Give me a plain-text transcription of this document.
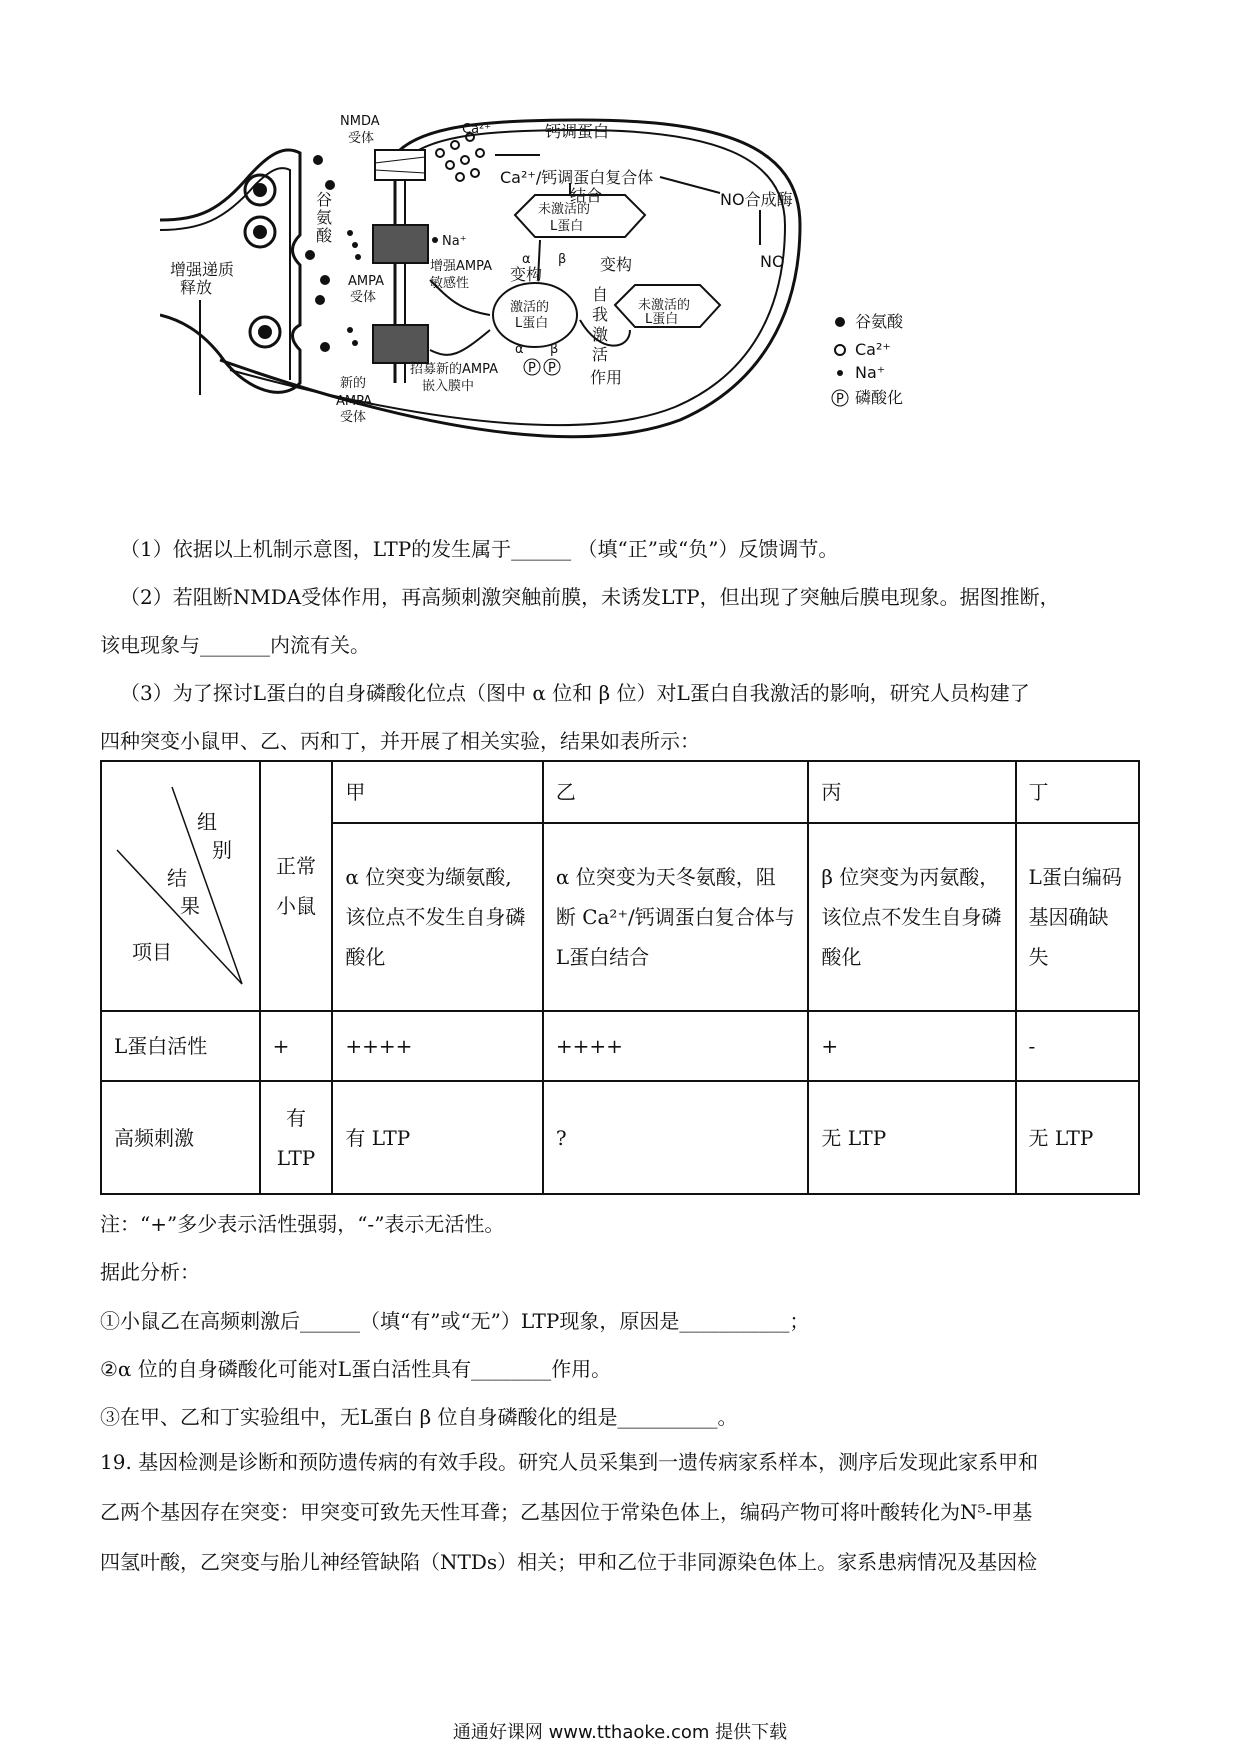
NMDA
受体
谷
氨
酸
Ca²⁺	钙调蛋白
Ca²⁺/钙调蛋白复合体
结合	NO合成酶
未激活的
L蛋白
Na⁺
增强递质
释放
NO
增强AMPA
敏感性	变构
变构
AMPA
受体
激活的
L蛋白
未激活的
L蛋白
自
我
激
活
作用
招募新的AMPA
嵌入膜中
新的
AMPA
受体
α β
α β
P P
谷氨酸
Ca²⁺
Na⁺
P 磷酸化
（1）依据以上机制示意图，LTP的发生属于______ （填“正”或“负”）反馈调节。
（2）若阻断NMDA受体作用，再高频刺激突触前膜，未诱发LTP，但出现了突触后膜电现象。据图推断，
该电现象与_______内流有关。
（3）为了探讨L蛋白的自身磷酸化位点（图中 α 位和 β 位）对L蛋白自我激活的影响，研究人员构建了
四种突变小鼠甲、乙、丙和丁，并开展了相关实验，结果如表所示：
组
别
结
果
项目	正常小鼠	甲	乙	丙	丁
		α 位突变为缬氨酸,该位点不发生自身磷酸化	α 位突变为天冬氨酸，阻断 Ca²⁺/钙调蛋白复合体与L蛋白结合	β 位突变为丙氨酸，该位点不发生自身磷酸化	L蛋白编码基因确缺失
L蛋白活性	+	++++	++++	+	-
高频刺激	有LTP	有 LTP	?	无 LTP	无 LTP
注：“+”多少表示活性强弱，“-”表示无活性。
据此分析：
①小鼠乙在高频刺激后______（填“有”或“无”）LTP现象，原因是___________；
②α 位的自身磷酸化可能对L蛋白活性具有________作用。
③在甲、乙和丁实验组中，无L蛋白 β 位自身磷酸化的组是__________。
19. 基因检测是诊断和预防遗传病的有效手段。研究人员采集到一遗传病家系样本，测序后发现此家系甲和
乙两个基因存在突变：甲突变可致先天性耳聋；乙基因位于常染色体上，编码产物可将叶酸转化为N⁵-甲基
四氢叶酸，乙突变与胎儿神经管缺陷（NTDs）相关；甲和乙位于非同源染色体上。家系患病情况及基因检
通通好课网 www.tthaoke.com 提供下载
